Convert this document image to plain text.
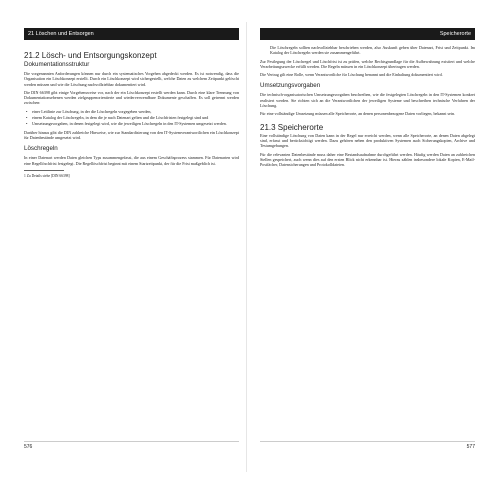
21 Löschen und Entsorgen
21.2 Lösch- und Entsorgungskonzept
Dokumentationsstruktur

Die vorgenannten Anforderungen können nur durch ein systematisches Vorgehen abgedeckt werden. Es ist notwendig, dass die Organisation ein Löschkonzept erstellt. Durch ein Löschkonzept wird sichergestellt, welche Daten zu welchem Zeitpunkt gelöscht werden müssen und wie die Löschung nachvollziehbar dokumentiert wird.

Die DIN 66398 gibt einige Vorgehensweise vor, nach der ein Löschkonzept erstellt werden kann. Durch eine klare Trennung von Dokumentationsebenen werden zielgruppenorientierte und wiederverwendbare Dokumente geschaffen. Es soll getrennt werden zwischen:

• einer Leitlinie zur Löschung, in der die Löschregeln vorgegeben werden,
• einem Katalog der Löschregeln, in dem die je nach Datenart gelten und die Löschfristen festgelegt sind und
• Umsetzungsvorgaben, in denen festgelegt wird, wie die jeweiligen Löschregeln in den IT-Systemen umgesetzt werden.

Darüber hinaus gibt die DIN zahlreiche Hinweise, wie zur Standardisierung von den IT-Systemverantwortlichen ein Löschkonzept für Datenbestände umgesetzt wird.

Löschregeln

In einer Datenart werden Daten gleichen Typs zusammengefasst, die aus einem Geschäftsprozess stammen. Für Datenarten wird eine Regellöschfrist festgelegt. Die Regellöschfrist beginnt mit einem Startzeitpunkt, der für die Frist maßgeblich ist.

1 Zu Details siehe [DIN 66398]

576
Speicherorte

Die Löschregeln sollten nachvollziehbar beschrieben werden, also Auskunft geben über Datenart, Frist und Zeitpunkt. Im Katalog der Löschregeln werden sie zusammengeführt.

Zur Festlegung der Löschregel und Löschfrist ist zu prüfen, welche Rechtsgrundlage für die Aufbewahrung existiert und welche Verarbeitungszwecke erfüllt werden. Die Regeln müssen in ein Löschkonzept übertragen werden.

Die Vertrag gilt eine Rolle, wenn Verantwortliche für Löschung benannt und die Einhaltung dokumentiert wird.

Umsetzungsvorgaben

Die technisch-organisatorischen Umsetzungsvorgaben beschreiben, wie die festgelegten Löschregeln in den IT-Systemen konkret realisiert werden. Sie richten sich an die Verantwortlichen der jeweiligen Systeme und beschreiben technische Verfahren der Löschung.

Für eine vollständige Umsetzung müssen alle Speicherorte, an denen personenbezogene Daten vorliegen, bekannt sein.

21.3 Speicherorte

Eine vollständige Löschung von Daten kann in der Regel nur erreicht werden, wenn alle Speicherorte, an denen Daten abgelegt sind, erfasst und berücksichtigt werden. Dazu gehören neben den produktiven Systemen auch Sicherungskopien, Archive und Testumgebungen.

Für die relevanten Datenbestände muss daher eine Bestandsaufnahme durchgeführt werden. Häufig werden Daten an zahlreichen Stellen gespeichert, auch wenn dies auf den ersten Blick nicht erkennbar ist. Hierzu zählen insbesondere lokale Kopien, E-Mail-Postfächer, Datensicherungen und Protokolldateien.

577
